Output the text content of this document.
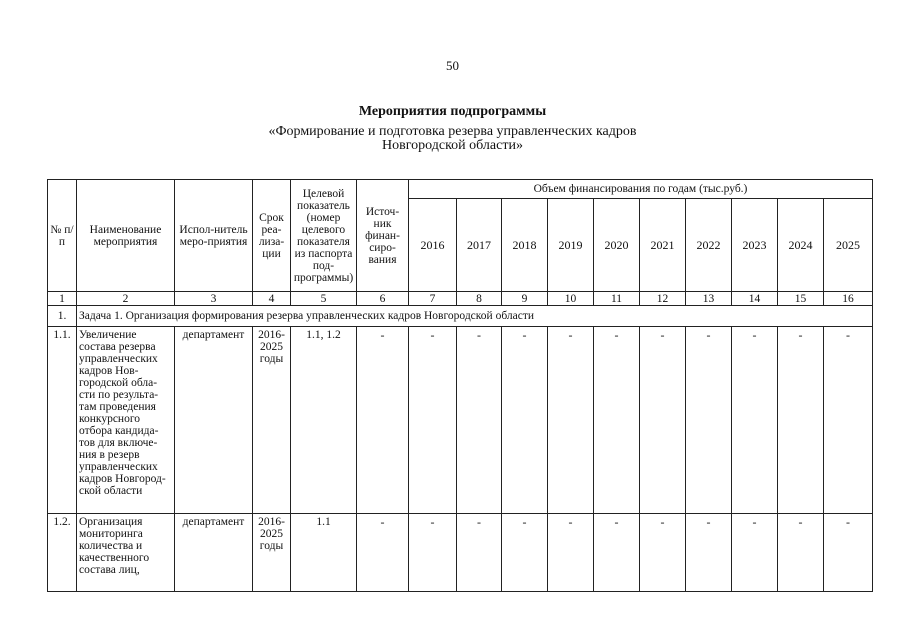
50
Мероприятия подпрограммы
«Формирование и подготовка резерва управленческих кадров
Новгородской области»
№ п/п	Наименование мероприятия	Испол-нитель меро-приятия	Срок реа-лиза-ции	Целевой показатель (номер целевого показателя из паспорта под-программы)	Источ-ник финан-сиро-вания	Объем финансирования по годам (тыс.руб.)									
						2016	2017	2018	2019	2020	2021	2022	2023	2024	2025
1	2	3	4	5	6	7	8	9	10	11	12	13	14	15	16
1.	Задача 1. Организация формирования резерва управленческих кадров Новгородской области														
1.1.	Увеличение состава резерва управленческих кадров Нов-городской обла-сти по результа-там проведения конкурсного отбора кандида-тов для включе-ния в резерв управленческих кадров Новгород-ской области	департамент	2016-2025 годы	1.1, 1.2	-	-	-	-	-	-	-	-	-	-	-
1.2.	Организация мониторинга количества и качественного состава лиц,	департамент	2016-2025 годы	1.1	-	-	-	-	-	-	-	-	-	-	-
